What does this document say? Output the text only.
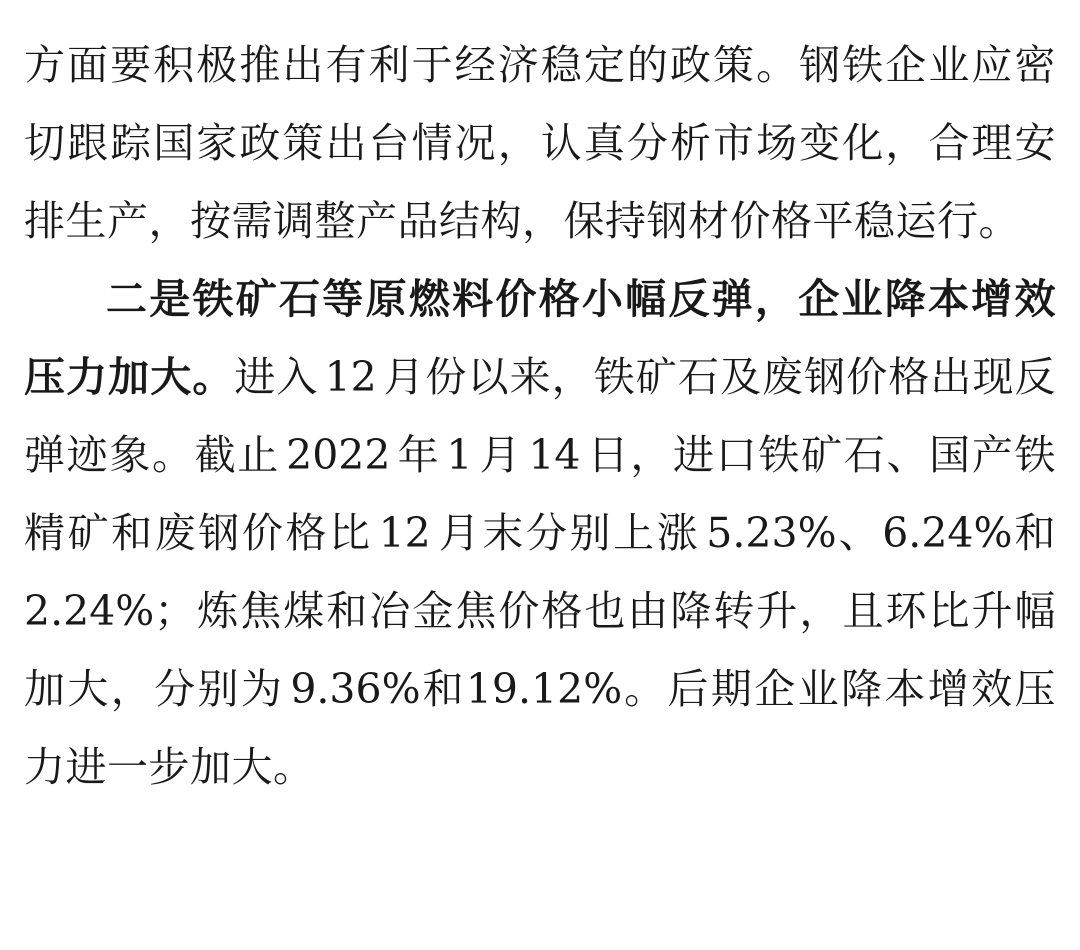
方面要积极推出有利于经济稳定的政策。钢铁企业应密切跟踪国家政策出台情况，认真分析市场变化，合理安排生产，按需调整产品结构，保持钢材价格平稳运行。

二是铁矿石等原燃料价格小幅反弹，企业降本增效压力加大。进入 12 月份以来，铁矿石及废钢价格出现反弹迹象。截止 2022 年 1 月 14 日，进口铁矿石、国产铁精矿和废钢价格比 12 月末分别上涨 5.23%、6.24%和2.24%；炼焦煤和冶金焦价格也由降转升，且环比升幅加大，分别为 9.36%和19.12%。后期企业降本增效压力进一步加大。
